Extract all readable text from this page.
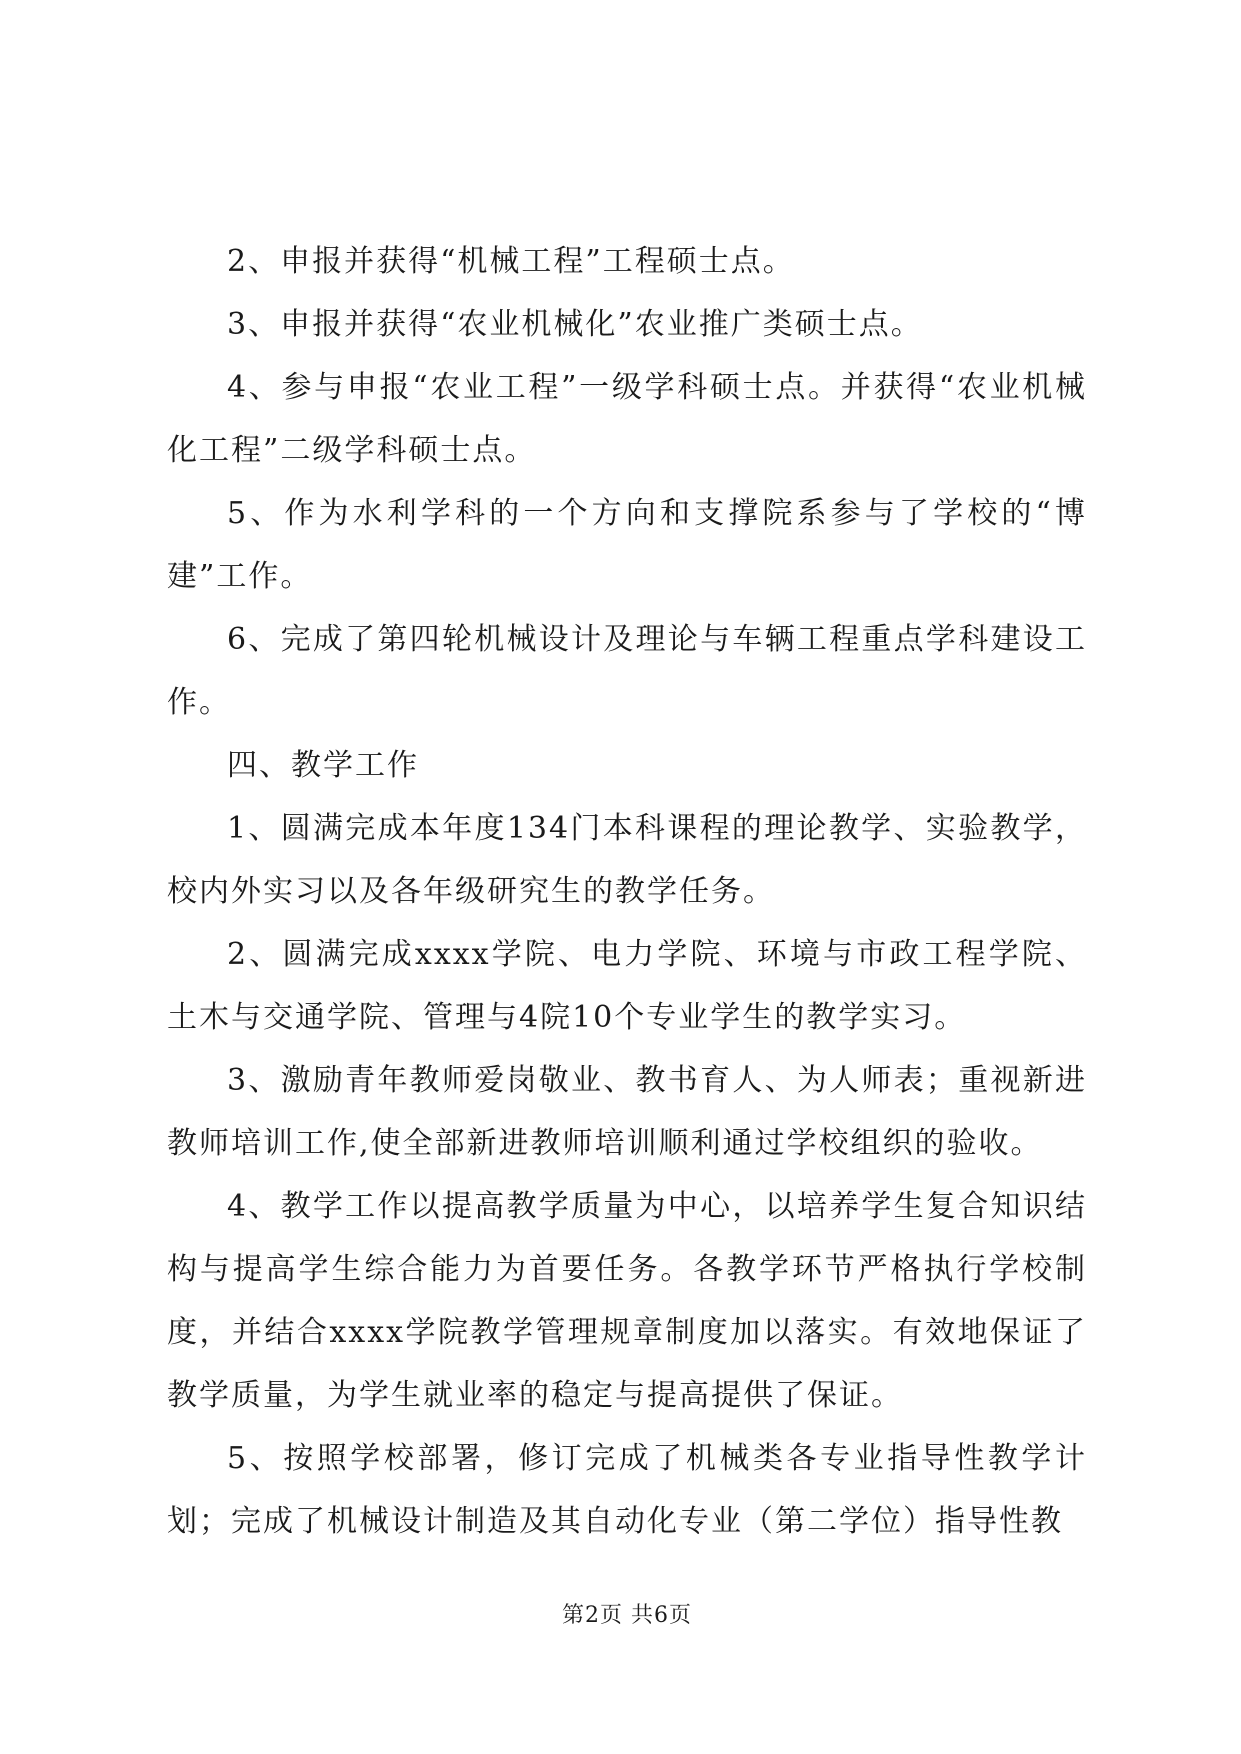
2、申报并获得“机械工程”工程硕士点。

3、申报并获得“农业机械化”农业推广类硕士点。

4、参与申报“农业工程”一级学科硕士点。并获得“农业机械化工程”二级学科硕士点。

5、作为水利学科的一个方向和支撑院系参与了学校的“博建”工作。

6、完成了第四轮机械设计及理论与车辆工程重点学科建设工作。

四、教学工作

1、圆满完成本年度134门本科课程的理论教学、实验教学，校内外实习以及各年级研究生的教学任务。

2、圆满完成xxxx学院、电力学院、环境与市政工程学院、土木与交通学院、管理与4院10个专业学生的教学实习。

3、激励青年教师爱岗敬业、教书育人、为人师表；重视新进教师培训工作,使全部新进教师培训顺利通过学校组织的验收。

4、教学工作以提高教学质量为中心，以培养学生复合知识结构与提高学生综合能力为首要任务。各教学环节严格执行学校制度，并结合xxxx学院教学管理规章制度加以落实。有效地保证了教学质量，为学生就业率的稳定与提高提供了保证。

5、按照学校部署，修订完成了机械类各专业指导性教学计划；完成了机械设计制造及其自动化专业（第二学位）指导性教

第2页 共6页
